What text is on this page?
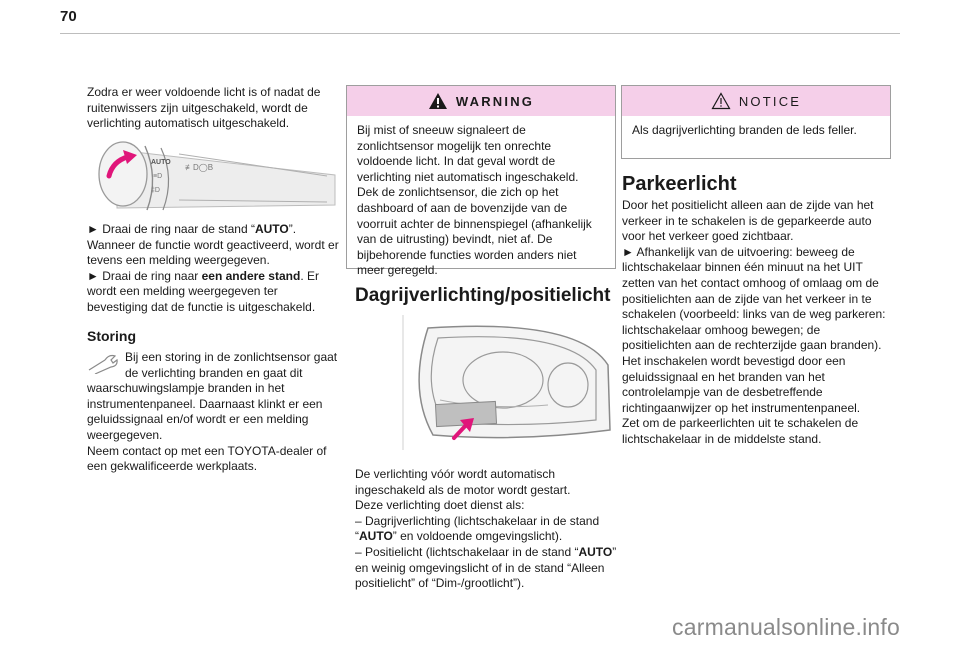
70

Zodra er weer voldoende licht is of nadat de ruitenwissers zijn uitgeschakeld, wordt de verlichting automatisch uitgeschakeld.

AUTO
≢D◯B
≡D
‡D
► Draai de ring naar de stand “AUTO”. Wanneer de functie wordt geactiveerd, wordt er tevens een melding weergegeven.
► Draai de ring naar een andere stand. Er wordt een melding weergegeven ter bevestiging dat de functie is uitgeschakeld.
Storing
Bij een storing in de zonlichtsensor gaat de verlichting branden en gaat dit waarschuwingslampje branden in het instrumentenpaneel. Daarnaast klinkt er een geluidssignaal en/of wordt er een melding weergegeven.
Neem contact op met een TOYOTA-dealer of een gekwalificeerde werkplaats.
WARNING
Bij mist of sneeuw signaleert de zonlichtsensor mogelijk ten onrechte voldoende licht. In dat geval wordt de verlichting niet automatisch ingeschakeld.
Dek de zonlichtsensor, die zich op het dashboard of aan de bovenzijde van de voorruit achter de binnenspiegel (afhankelijk van de uitrusting) bevindt, niet af. De bijbehorende functies worden anders niet meer geregeld.
Dagrijverlichting/positielicht
De verlichting vóór wordt automatisch ingeschakeld als de motor wordt gestart.
Deze verlichting doet dienst als:
– Dagrijverlichting (lichtschakelaar in de stand “AUTO” en voldoende omgevingslicht).
– Positielicht (lichtschakelaar in de stand “AUTO” en weinig omgevingslicht of in de stand “Alleen positielicht” of “Dim-/grootlicht”).
NOTICE
Als dagrijverlichting branden de leds feller.
Parkeerlicht
Door het positielicht alleen aan de zijde van het verkeer in te schakelen is de geparkeerde auto voor het verkeer goed zichtbaar.
► Afhankelijk van de uitvoering: beweeg de lichtschakelaar binnen één minuut na het UIT zetten van het contact omhoog of omlaag om de positielichten aan de zijde van het verkeer in te schakelen (voorbeeld: links van de weg parkeren: lichtschakelaar omhoog bewegen; de positielichten aan de rechterzijde gaan branden).
Het inschakelen wordt bevestigd door een geluidssignaal en het branden van het controlelampje van de desbetreffende richtingaanwijzer op het instrumentenpaneel.
Zet om de parkeerlichten uit te schakelen de lichtschakelaar in de middelste stand.
carmanualsonline.info
